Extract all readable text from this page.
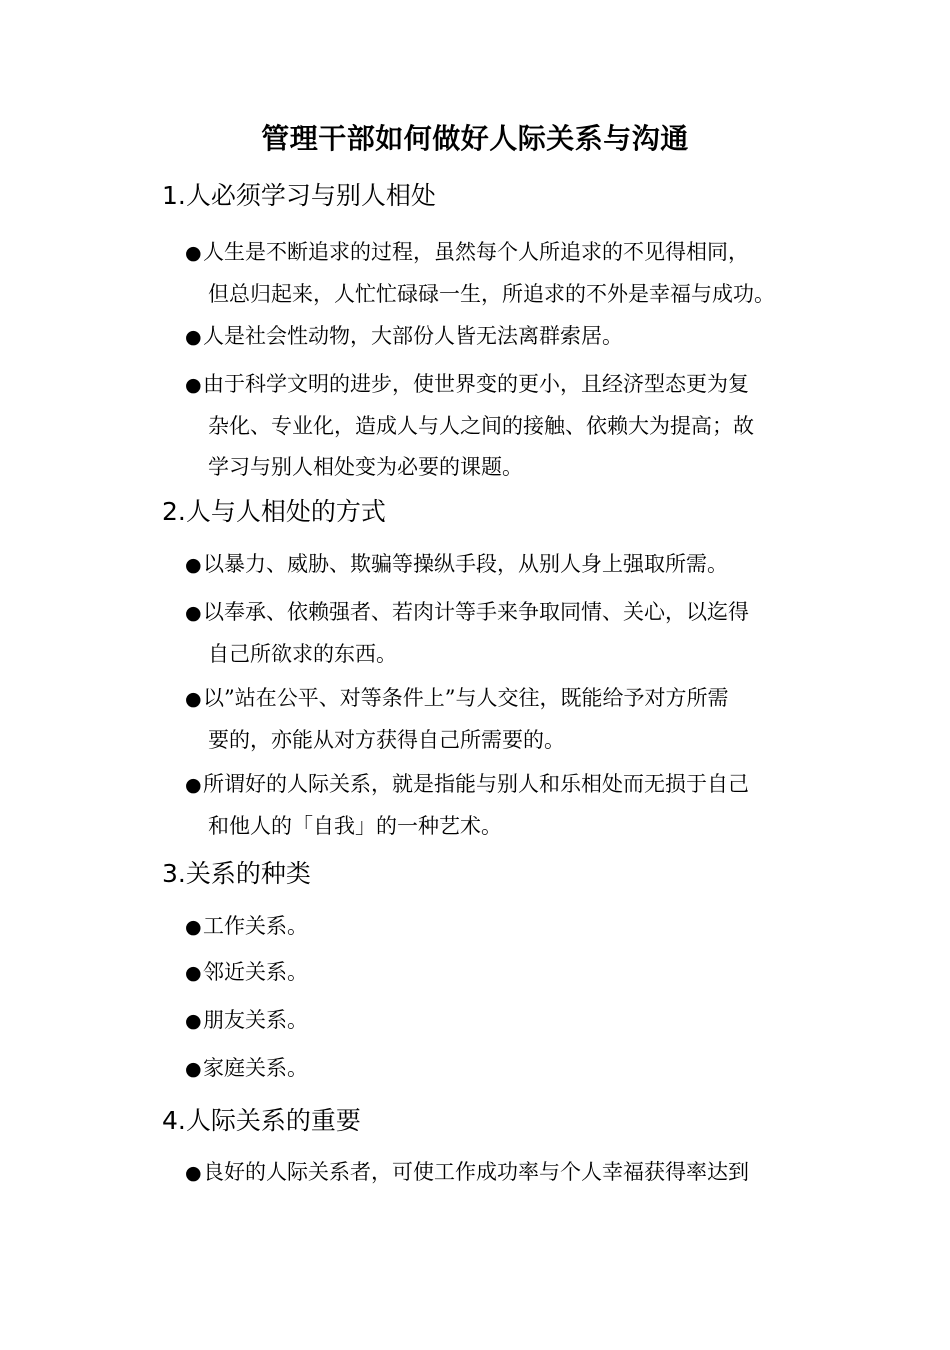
管理干部如何做好人际关系与沟通
1.人必须学习与别人相处
●人生是不断追求的过程，虽然每个人所追求的不见得相同，
但总归起来，人忙忙碌碌一生，所追求的不外是幸福与成功。
●人是社会性动物，大部份人皆无法离群索居。
●由于科学文明的进步，使世界变的更小，且经济型态更为复
杂化、专业化，造成人与人之间的接触、依赖大为提高；故
学习与别人相处变为必要的课题。
2.人与人相处的方式
●以暴力、威胁、欺骗等操纵手段，从别人身上强取所需。
●以奉承、依赖强者、若肉计等手来争取同情、关心，以迄得
自己所欲求的东西。
●以”站在公平、对等条件上”与人交往，既能给予对方所需
要的，亦能从对方获得自己所需要的。
●所谓好的人际关系，就是指能与别人和乐相处而无损于自己
和他人的「自我」的一种艺术。
3.关系的种类
●工作关系。
●邻近关系。
●朋友关系。
●家庭关系。
4.人际关系的重要
●良好的人际关系者，可使工作成功率与个人幸福获得率达到
